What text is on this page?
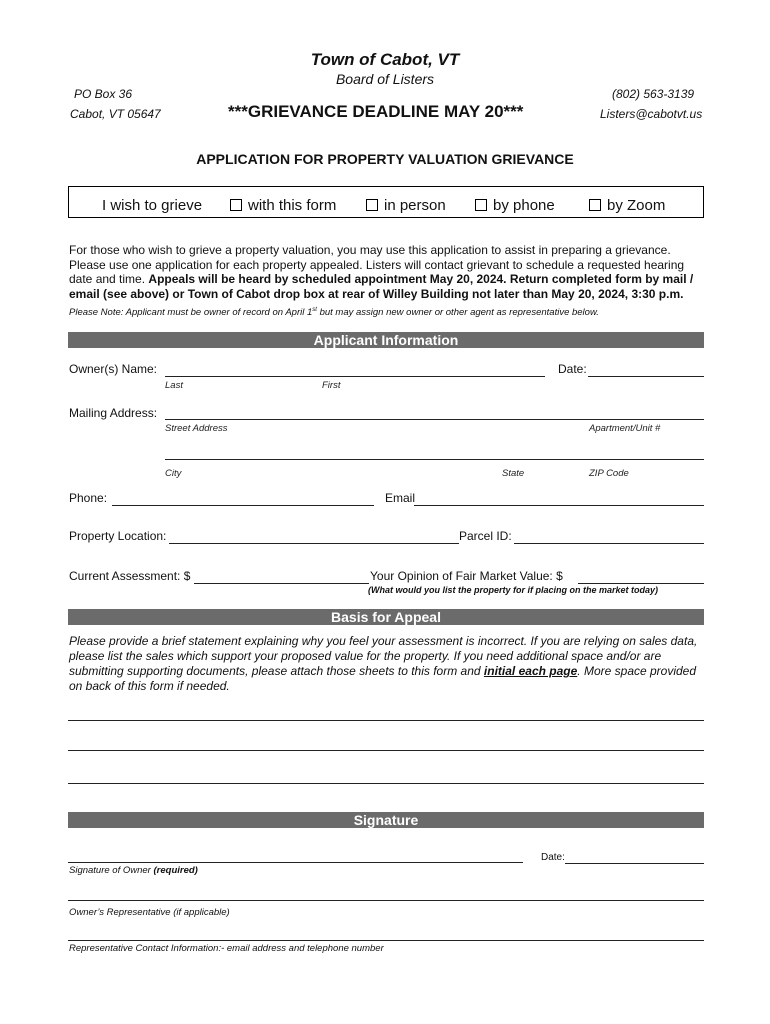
Town of Cabot, VT
Board of Listers
PO Box 36
Cabot, VT 05647	***GRIEVANCE DEADLINE MAY 20***
(802) 563-3139
Listers@cabotvt.us
APPLICATION FOR PROPERTY VALUATION GRIEVANCE
I wish to grieve	with this form	in person	by phone	by Zoom
For those who wish to grieve a property valuation, you may use this application to assist in preparing a grievance. Please use one application for each property appealed. Listers will contact grievant to schedule a requested hearing date and time. Appeals will be heard by scheduled appointment May 20, 2024. Return completed form by mail / email (see above) or Town of Cabot drop box at rear of Willey Building not later than May 20, 2024, 3:30 p.m.
Please Note: Applicant must be owner of record on April 1st but may assign new owner or other agent as representative below.
Applicant Information
Owner(s) Name:
Last	First
Date:
Mailing Address:
Street Address	Apartment/Unit #
City	State	ZIP Code
Phone:	Email
Property Location:	Parcel ID:
Current Assessment: $	Your Opinion of Fair Market Value: $
(What would you list the property for if placing on the market today)
Basis for Appeal
Please provide a brief statement explaining why you feel your assessment is incorrect. If you are relying on sales data, please list the sales which support your proposed value for the property. If you need additional space and/or are submitting supporting documents, please attach those sheets to this form and initial each page. More space provided on back of this form if needed.
Signature
Date:
Signature of Owner (required)
Owner’s Representative (if applicable)
Representative Contact Information:- email address and telephone number
